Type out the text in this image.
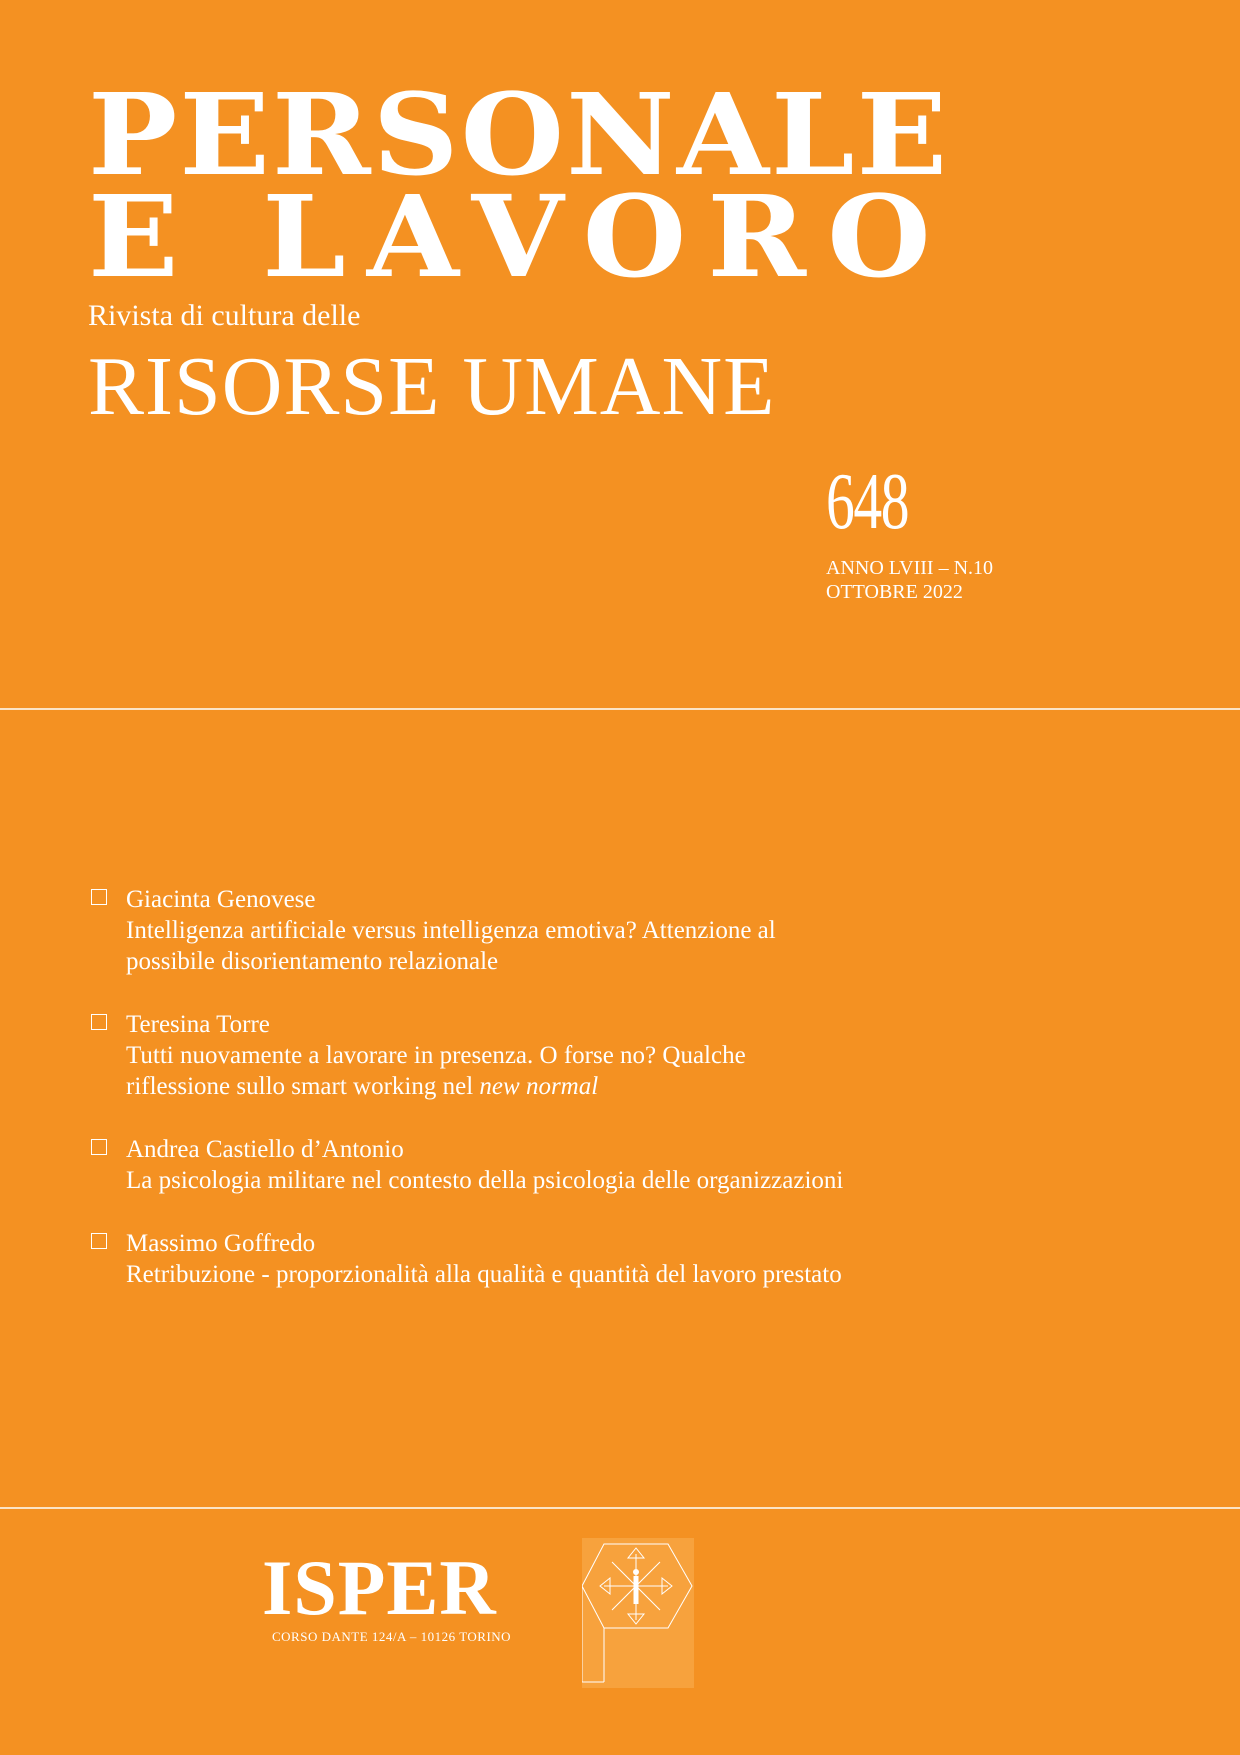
PERSONALE
E LAVORO

Rivista di cultura delle

RISORSE UMANE

648

ANNO LVIII – N.10
OTTOBRE 2022
Giacinta Genovese
Intelligenza artificiale versus intelligenza emotiva? Attenzione al possibile disorientamento relazionale
Teresina Torre
Tutti nuovamente a lavorare in presenza. O forse no? Qualche riflessione sullo smart working nel new normal
Andrea Castiello d’Antonio
La psicologia militare nel contesto della psicologia delle organizzazioni
Massimo Goffredo
Retribuzione - proporzionalità alla qualità e quantità del lavoro prestato

ISPER

CORSO DANTE 124/A – 10126 TORINO
